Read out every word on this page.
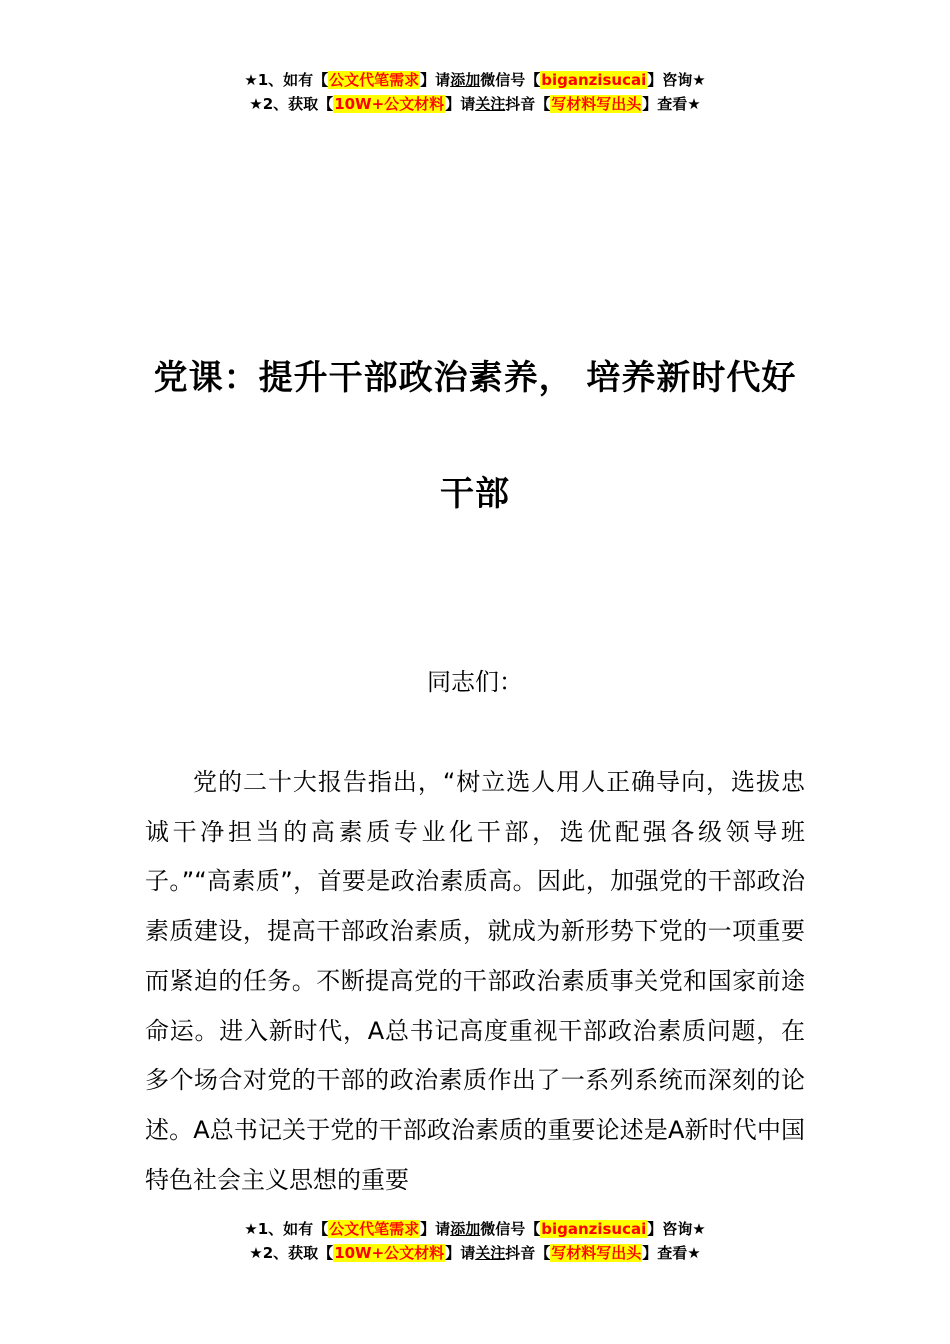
★1、如有【公文代笔需求】请添加微信号【biganzisucai】咨询★
★2、获取【10W+公文材料】请关注抖音【写材料写出头】查看★
党课：提升干部政治素养， 培养新时代好
干部
同志们：
党的二十大报告指出，“树立选人用人正确导向，选拔忠诚干净担当的高素质专业化干部，选优配强各级领导班子。”“高素质”，首要是政治素质高。因此，加强党的干部政治素质建设，提高干部政治素质，就成为新形势下党的一项重要而紧迫的任务。不断提高党的干部政治素质事关党和国家前途命运。进入新时代，A总书记高度重视干部政治素质问题，在多个场合对党的干部的政治素质作出了一系列系统而深刻的论述。A总书记关于党的干部政治素质的重要论述是A新时代中国特色社会主义思想的重要
★1、如有【公文代笔需求】请添加微信号【biganzisucai】咨询★
★2、获取【10W+公文材料】请关注抖音【写材料写出头】查看★
